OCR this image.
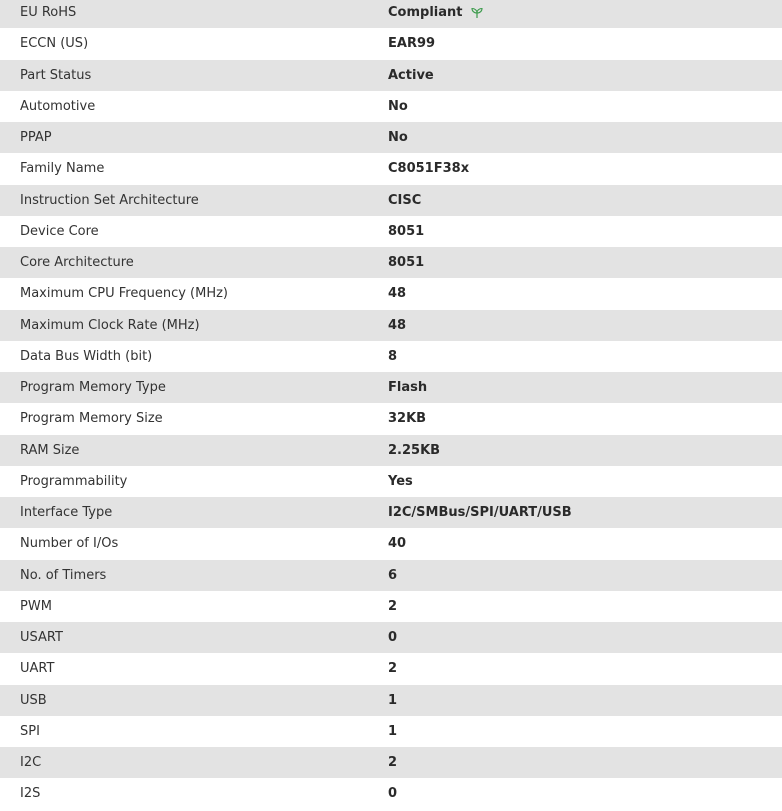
EU RoHS	Compliant
ECCN (US)	EAR99
Part Status	Active
Automotive	No
PPAP	No
Family Name	C8051F38x
Instruction Set Architecture	CISC
Device Core	8051
Core Architecture	8051
Maximum CPU Frequency (MHz)	48
Maximum Clock Rate (MHz)	48
Data Bus Width (bit)	8
Program Memory Type	Flash
Program Memory Size	32KB
RAM Size	2.25KB
Programmability	Yes
Interface Type	I2C/SMBus/SPI/UART/USB
Number of I/Os	40
No. of Timers	6
PWM	2
USART	0
UART	2
USB	1
SPI	1
I2C	2
I2S	0
